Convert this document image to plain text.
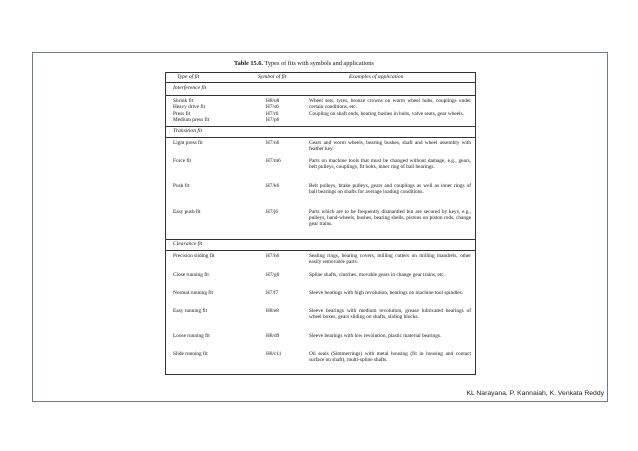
Table 15.6. Types of fits with symbols and applications
Type of fit	Symbol of fit	Examples of application
Interference fit
Shrink fit	H8/u8	Wheel sets, tyres, bronze crowns on worm wheel hubs, couplings under certain conditions, etc.
Heavy drive fit	H7/s6
Press fit	H7/r6	Coupling on shaft ends, bearing bushes in hubs, valve seats, gear wheels.
Medium press fit	H7/p6
Transition fit
Light press fit	H7/n6	Gears and worm wheels, bearing bushes, shaft and wheel assembly with feather key.
Force fit	H7/m6	Parts on machine tools that must be changed without damage, e.g., gears, belt pulleys, couplings, fit bolts, inner ring of ball bearings.
Push fit	H7/k6	Belt pulleys, brake pulleys, gears and couplings as well as inner rings of ball bearings on shafts for average loading conditions.
Easy push fit	H7/j6	Parts which are to be frequently dismantled but are secured by keys, e.g., pulleys, hand-wheels, bushes, bearing shells, pistons on piston rods, change gear trains.
Clearance fit
Precision sliding fit	H7/h6	Sealing rings, bearing covers, milling cutters on milling mandrels, other easily removable parts.
Close running fit	H7/g6	Spline shafts, clutches, movable gears in change gear trains, etc.
Normal running fit	H7/f7	Sleeve bearings with high revolution, bearings on machine tool spindles.
Easy running fit	H8/e8	Sleeve bearings with medium revolution, grease lubricated bearings of wheel boxes, gears sliding on shafts, sliding blocks.
Loose running fit	H8/d9	Sleeve bearings with low revolution, plastic material bearings.
Slide running fit	H8/c11	Oil seals (Simmerrings) with metal housing (fit in housing and contact surface on shaft), multi-spline shafts.
KL Narayana, P. Kannaiah, K. Venkata Reddy
